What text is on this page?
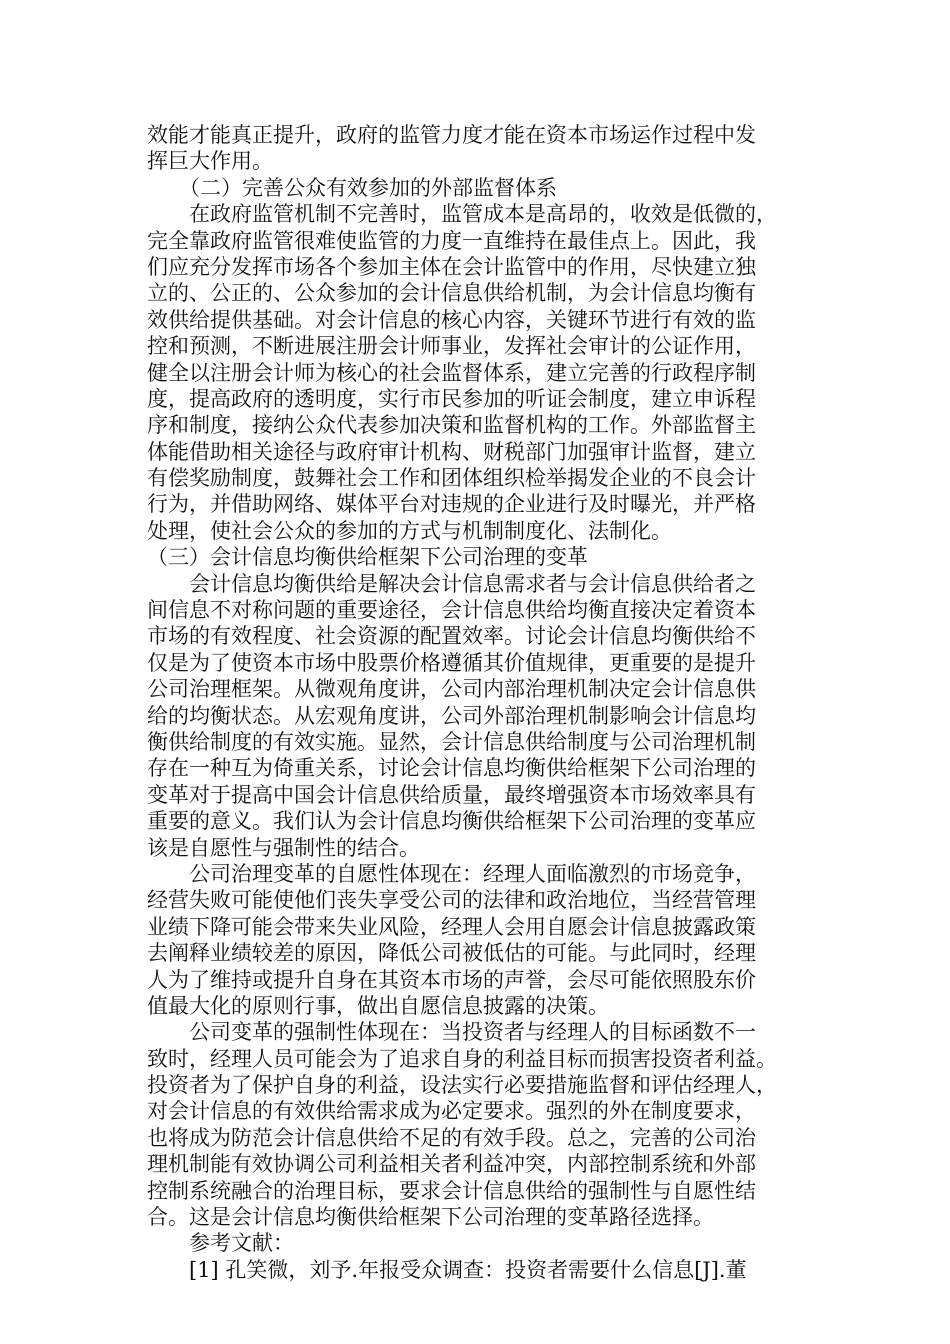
效能才能真正提升，政府的监管力度才能在资本市场运作过程中发
挥巨大作用。
（二）完善公众有效参加的外部监督体系
在政府监管机制不完善时，监管成本是高昂的，收效是低微的，
完全靠政府监管很难使监管的力度一直维持在最佳点上。因此，我
们应充分发挥市场各个参加主体在会计监管中的作用，尽快建立独
立的、公正的、公众参加的会计信息供给机制，为会计信息均衡有
效供给提供基础。对会计信息的核心内容，关键环节进行有效的监
控和预测，不断进展注册会计师事业，发挥社会审计的公证作用，
健全以注册会计师为核心的社会监督体系，建立完善的行政程序制
度，提高政府的透明度，实行市民参加的听证会制度，建立申诉程
序和制度，接纳公众代表参加决策和监督机构的工作。外部监督主
体能借助相关途径与政府审计机构、财税部门加强审计监督，建立
有偿奖励制度，鼓舞社会工作和团体组织检举揭发企业的不良会计
行为，并借助网络、媒体平台对违规的企业进行及时曝光，并严格
处理，使社会公众的参加的方式与机制制度化、法制化。
（三）会计信息均衡供给框架下公司治理的变革
会计信息均衡供给是解决会计信息需求者与会计信息供给者之
间信息不对称问题的重要途径，会计信息供给均衡直接决定着资本
市场的有效程度、社会资源的配置效率。讨论会计信息均衡供给不
仅是为了使资本市场中股票价格遵循其价值规律，更重要的是提升
公司治理框架。从微观角度讲，公司内部治理机制决定会计信息供
给的均衡状态。从宏观角度讲，公司外部治理机制影响会计信息均
衡供给制度的有效实施。显然，会计信息供给制度与公司治理机制
存在一种互为倚重关系，讨论会计信息均衡供给框架下公司治理的
变革对于提高中国会计信息供给质量，最终增强资本市场效率具有
重要的意义。我们认为会计信息均衡供给框架下公司治理的变革应
该是自愿性与强制性的结合。
公司治理变革的自愿性体现在：经理人面临激烈的市场竞争，
经营失败可能使他们丧失享受公司的法律和政治地位，当经营管理
业绩下降可能会带来失业风险，经理人会用自愿会计信息披露政策
去阐释业绩较差的原因，降低公司被低估的可能。与此同时，经理
人为了维持或提升自身在其资本市场的声誉，会尽可能依照股东价
值最大化的原则行事，做出自愿信息披露的决策。
公司变革的强制性体现在：当投资者与经理人的目标函数不一
致时，经理人员可能会为了追求自身的利益目标而损害投资者利益。
投资者为了保护自身的利益，设法实行必要措施监督和评估经理人，
对会计信息的有效供给需求成为必定要求。强烈的外在制度要求，
也将成为防范会计信息供给不足的有效手段。总之，完善的公司治
理机制能有效协调公司利益相关者利益冲突，内部控制系统和外部
控制系统融合的治理目标，要求会计信息供给的强制性与自愿性结
合。这是会计信息均衡供给框架下公司治理的变革路径选择。
参考文献：
[1] 孔笑微，刘予.年报受众调查：投资者需要什么信息[J].董
